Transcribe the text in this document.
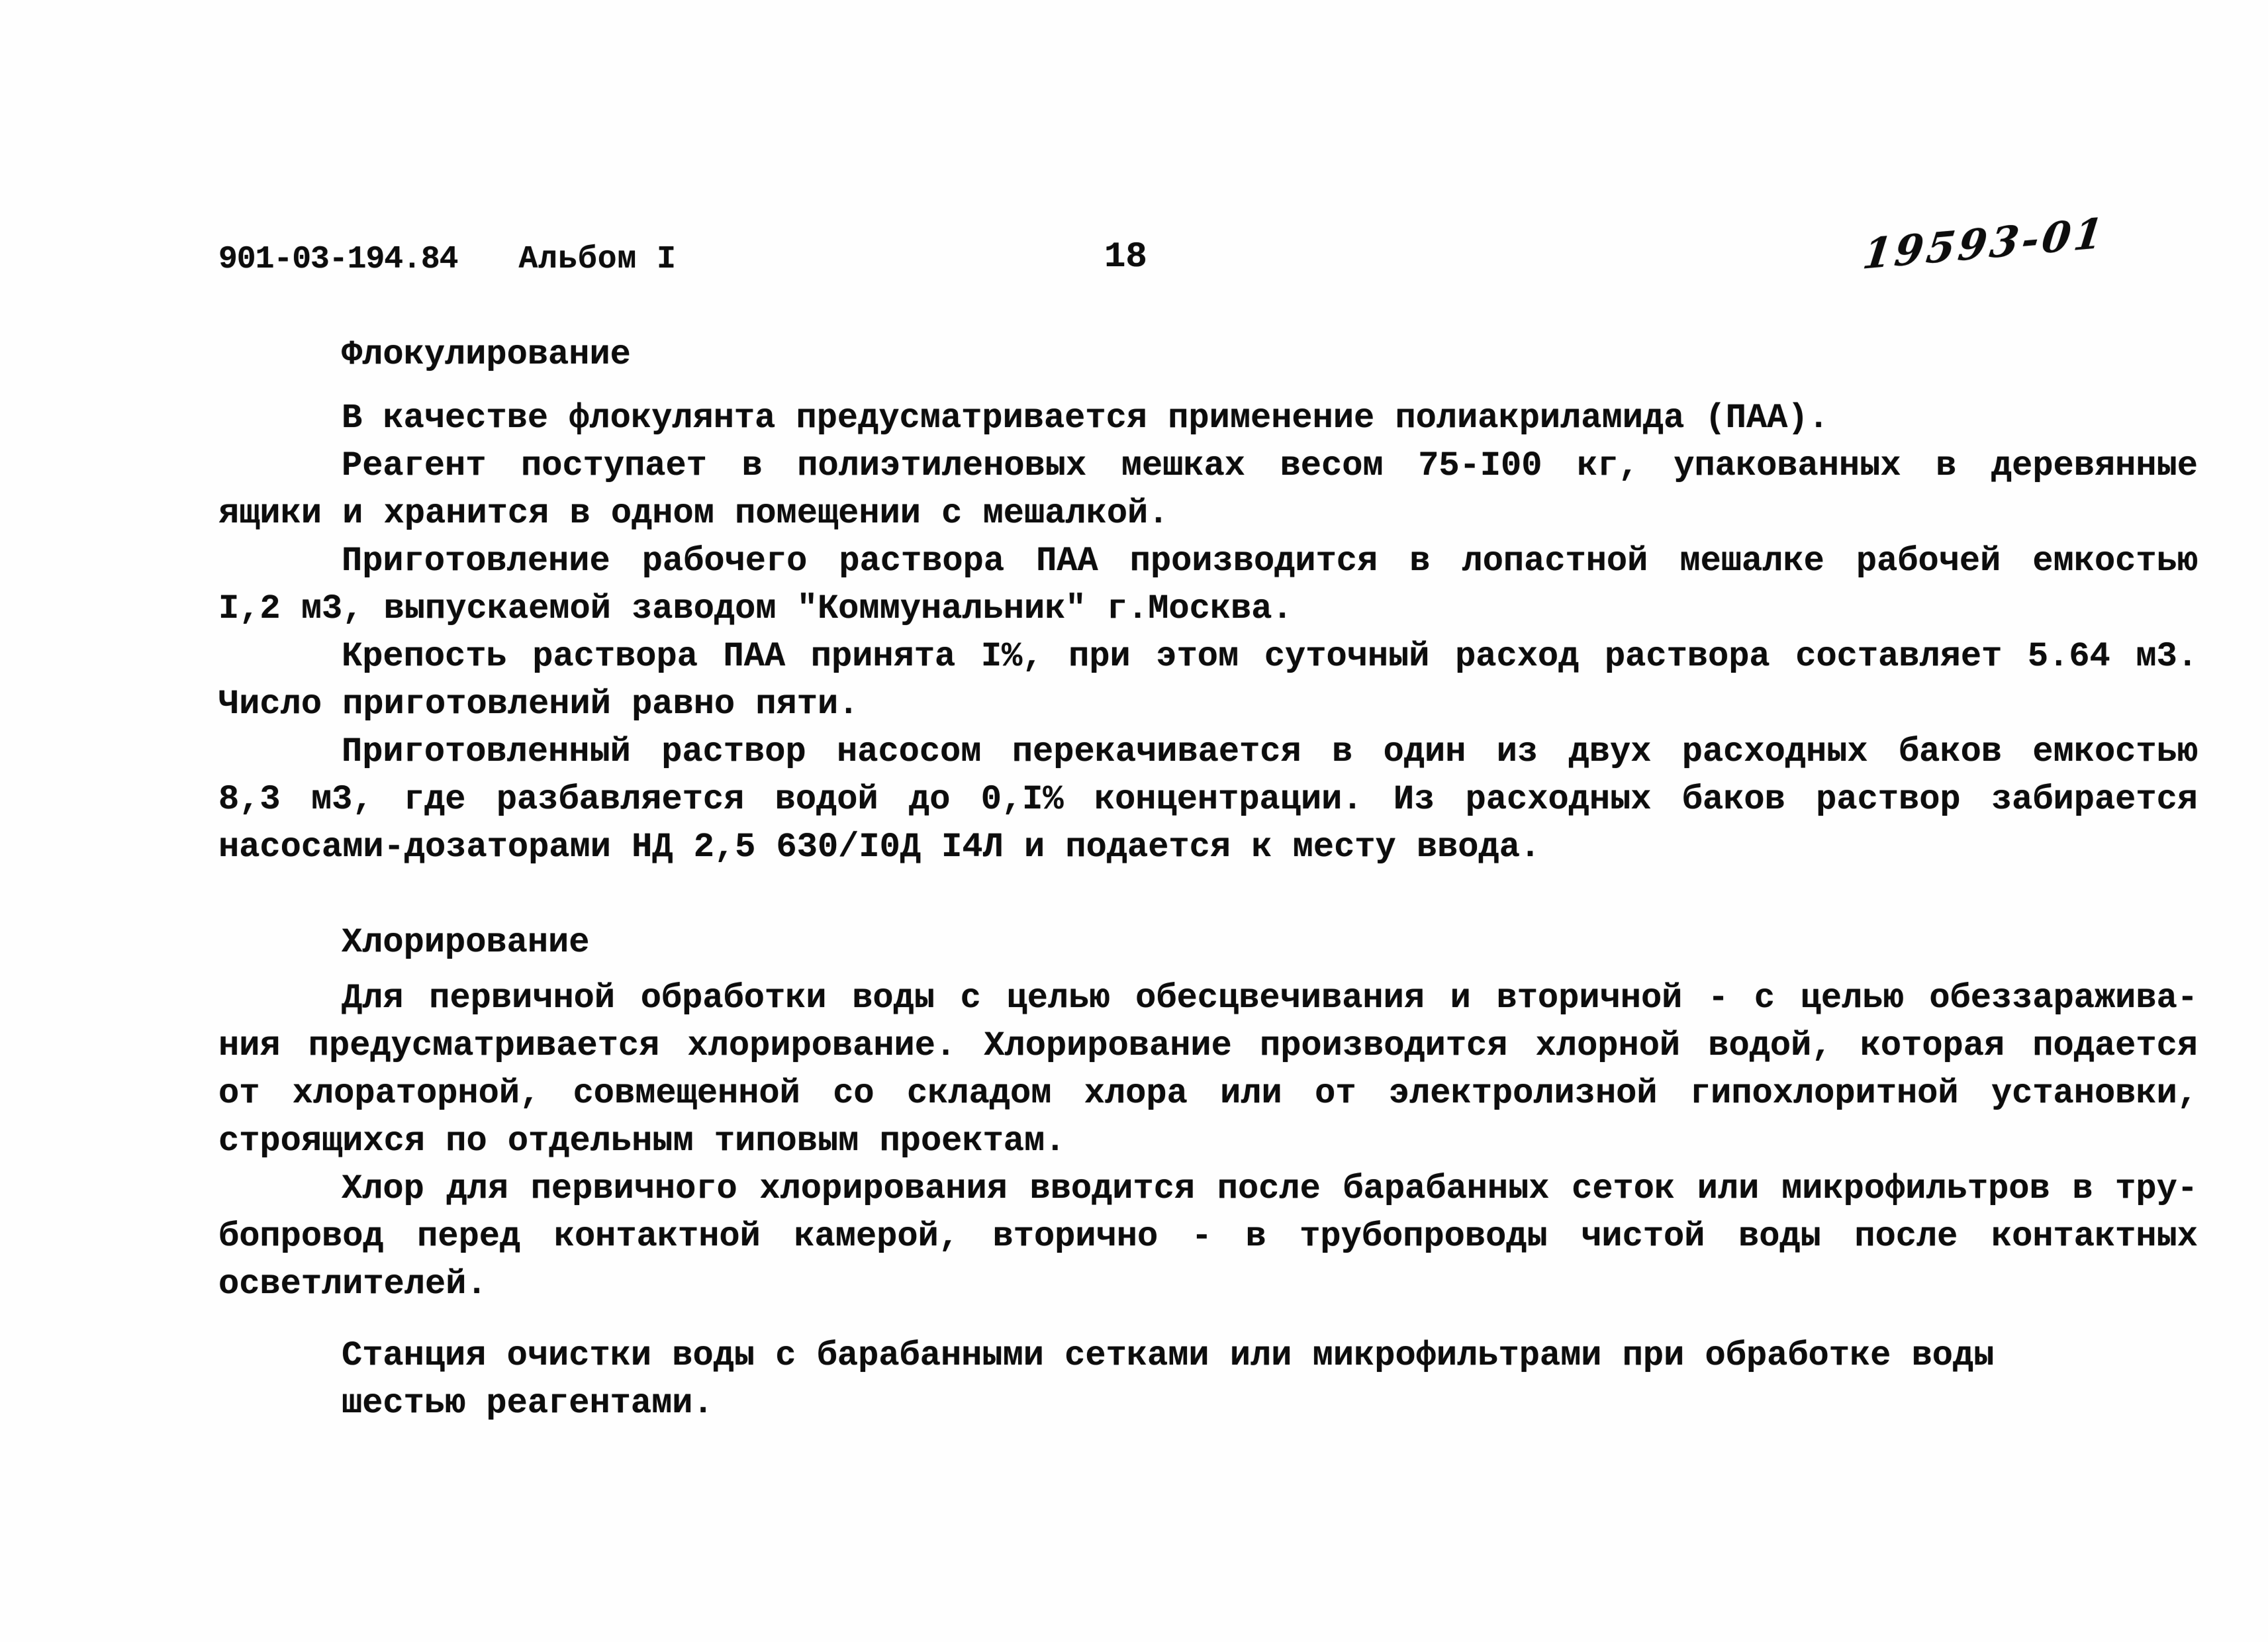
901-03-194.84 Альбом I	18	19593-01
Флокулирование
В качестве флокулянта предусматривается применение полиакриламида (ПАА).
Реагент поступает в полиэтиленовых мешках весом 75-I00 кг, упакованных в деревянные
ящики и хранится в одном помещении с мешалкой.
Приготовление рабочего раствора ПАА производится в лопастной мешалке рабочей емкостью
I,2 м3, выпускаемой заводом "Коммунальник" г.Москва.
Крепость раствора ПАА принята I%, при этом суточный расход раствора составляет 5.64 м3.
Число приготовлений равно пяти.
Приготовленный раствор насосом перекачивается в один из двух расходных баков емкостью
8,3 м3, где разбавляется водой до 0,I% концентрации. Из расходных баков раствор забирается
насосами-дозаторами НД 2,5 630/I0Д I4Л и подается к месту ввода.
Хлорирование
Для первичной обработки воды с целью обесцвечивания и вторичной - с целью обеззаражива-
ния предусматривается хлорирование. Хлорирование производится хлорной водой, которая подается
от хлораторной, совмещенной со складом хлора или от электролизной гипохлоритной установки,
строящихся по отдельным типовым проектам.
Хлор для первичного хлорирования вводится после барабанных сеток или микрофильтров в тру-
бопровод перед контактной камерой, вторично - в трубопроводы чистой воды после контактных
осветлителей.
Станция очистки воды с барабанными сетками или микрофильтрами при обработке воды
шестью реагентами.
